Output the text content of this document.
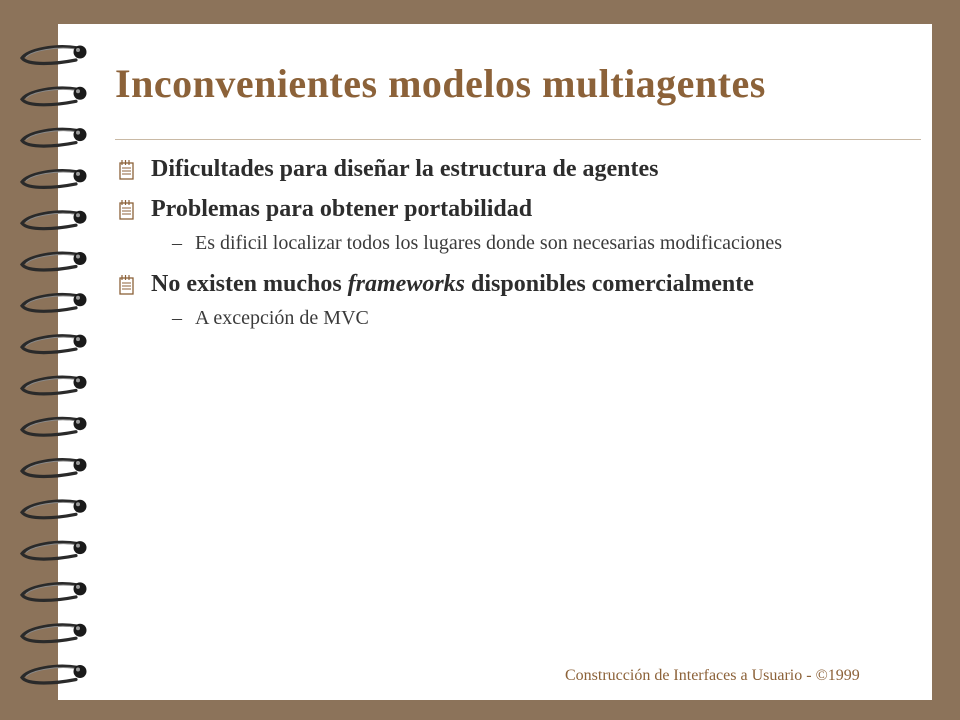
Inconvenientes modelos multiagentes
Dificultades para diseñar la estructura de agentes
Problemas para obtener portabilidad
– Es dificil localizar todos los lugares donde son necesarias modificaciones
No existen muchos frameworks disponibles comercialmente
– A excepción de MVC
Construcción de Interfaces a Usuario - ©1999
